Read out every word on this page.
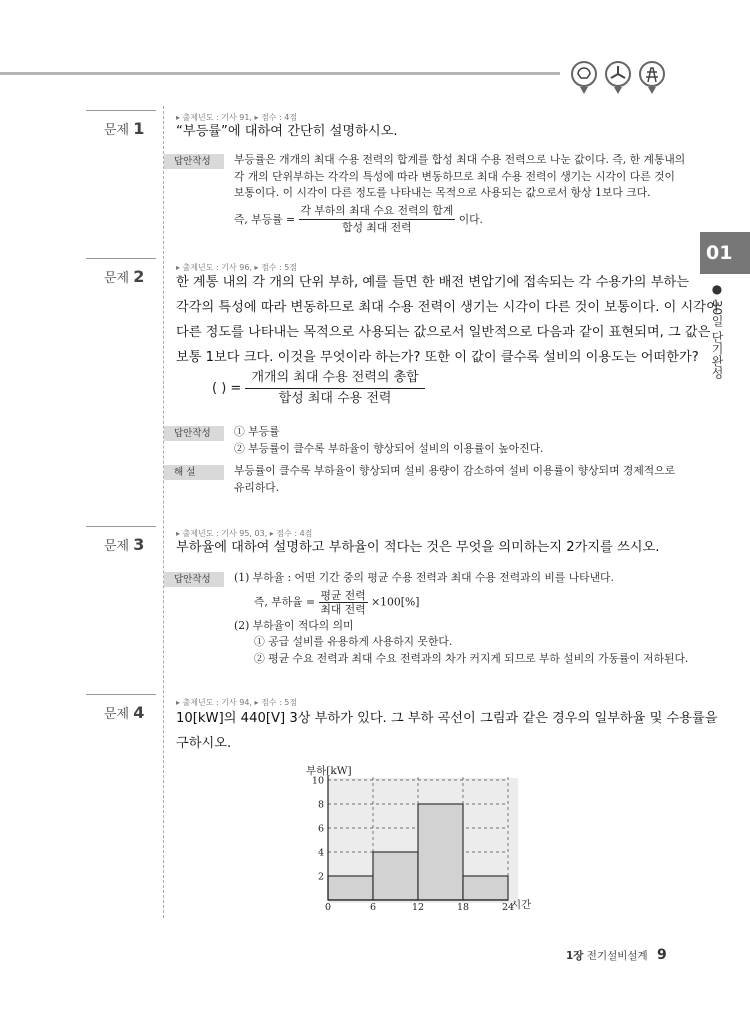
01
● 30일 단기완성
문제 1
▸ 출제년도 : 기사 91, ▸ 점수 : 4점
“부등률”에 대하여 간단히 설명하시오.
답안작성	부등률은 개개의 최대 수용 전력의 합계를 합성 최대 수용 전력으로 나눈 값이다. 즉, 한 계통내의
각 개의 단위부하는 각각의 특성에 따라 변동하므로 최대 수용 전력이 생기는 시각이 다른 것이
보통이다. 이 시각이 다른 정도를 나타내는 목적으로 사용되는 값으로서 항상 1보다 크다.
즉, 부등률 = $\frac{\text{각 부하의 최대 수요 전력의 합계}}{\text{합성 최대 전력}}$ 이다.
문제 2	▸ 출제년도 : 기사 96, ▸ 점수 : 5점
한 계통 내의 각 개의 단위 부하, 예를 들면 한 배전 변압기에 접속되는 각 수용가의 부하는
각각의 특성에 따라 변동하므로 최대 수용 전력이 생기는 시각이 다른 것이 보통이다. 이 시각이
다른 정도를 나타내는 목적으로 사용되는 값으로서 일반적으로 다음과 같이 표현되며, 그 값은
보통 1보다 크다. 이것을 무엇이라 하는가? 또한 이 값이 클수록 설비의 이용도는 어떠한가?
( ) = $\frac{\text{개개의 최대 수용 전력의 총합}}{\text{합성 최대 수용 전력}}$
답안작성	① 부등률
② 부등률이 클수록 부하율이 향상되어 설비의 이용률이 높아진다.
해 설	부등률이 클수록 부하율이 향상되며 설비 용량이 감소하여 설비 이용률이 향상되며 경제적으로
유리하다.
문제 3
▸ 출제년도 : 기사 95, 03, ▸ 점수 : 4점
부하율에 대하여 설명하고 부하율이 적다는 것은 무엇을 의미하는지 2가지를 쓰시오.
답안작성	(1) 부하율 : 어떤 기간 중의 평균 수용 전력과 최대 수용 전력과의 비를 나타낸다.
즉, 부하율 = $\frac{\text{평균 전력}}{\text{최대 전력}} \times 100[\%]$
(2) 부하율이 적다의 의미
① 공급 설비를 유용하게 사용하지 못한다.
② 평균 수요 전력과 최대 수요 전력과의 차가 커지게 되므로 부하 설비의 가동률이 저하된다.
문제 4
▸ 출제년도 : 기사 94, ▸ 점수 : 5점
10[kW]의 440[V] 3상 부하가 있다. 그 부하 곡선이 그림과 같은 경우의 일부하율 및 수용률을
구하시오.
2
4
6
8
10
0	6	12	18	24
부하[kW]
시간
1장 전기설비설계 9
